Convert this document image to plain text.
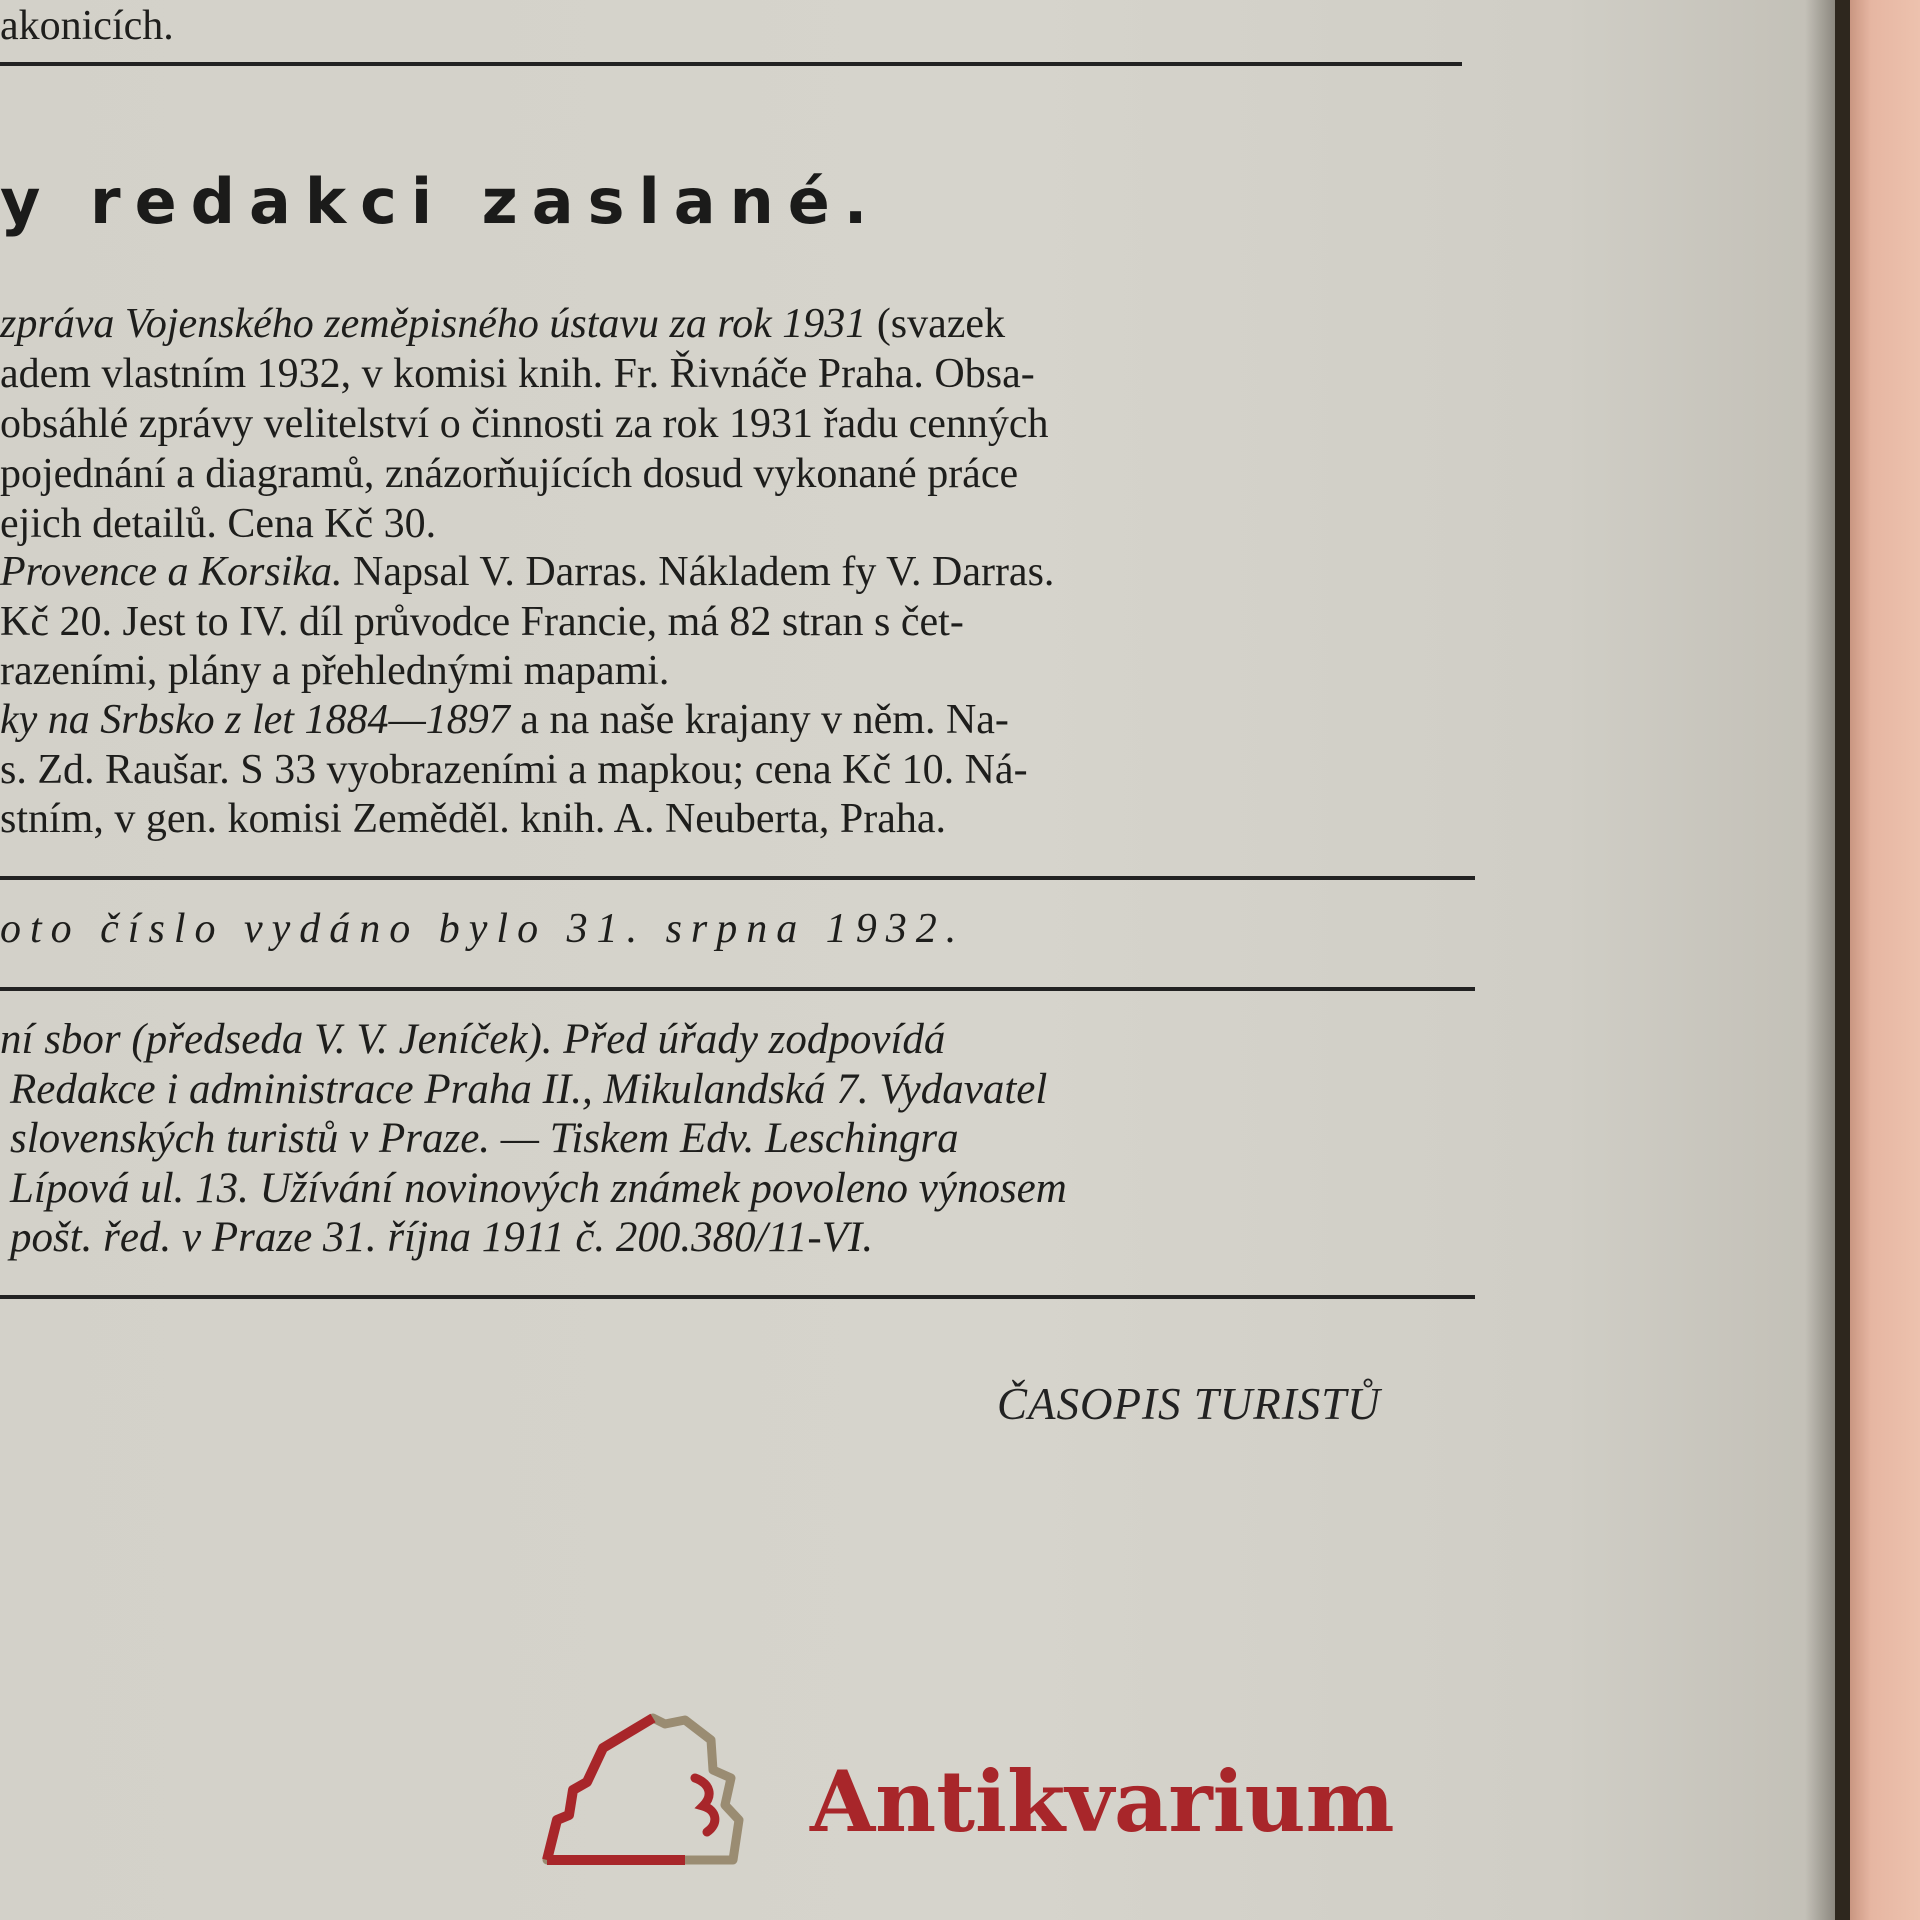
akonicích.
y redakci zaslané.
zpráva Vojenského zeměpisného ústavu za rok 1931 (svazek
adem vlastním 1932, v komisi knih. Fr. Řivnáče Praha. Obsa-
obsáhlé zprávy velitelství o činnosti za rok 1931 řadu cenných
pojednání a diagramů, znázorňujících dosud vykonané práce
ejich detailů. Cena Kč 30.
Provence a Korsika. Napsal V. Darras. Nákladem fy V. Darras.
Kč 20. Jest to IV. díl průvodce Francie, má 82 stran s čet-
razeními, plány a přehlednými mapami.
ky na Srbsko z let 1884—1897 a na naše krajany v něm. Na-
s. Zd. Raušar. S 33 vyobrazeními a mapkou; cena Kč 10. Ná-
stním, v gen. komisi Zeměděl. knih. A. Neuberta, Praha.
oto číslo vydáno bylo 31. srpna 1932.
ní sbor (předseda V. V. Jeníček). Před úřady zodpovídá
Redakce i administrace Praha II., Mikulandská 7. Vydavatel
slovenských turistů v Praze. — Tiskem Edv. Leschingra
Lípová ul. 13. Užívání novinových známek povoleno výnosem
pošt. řed. v Praze 31. října 1911 č. 200.380/11-VI.
ČASOPIS TURISTŮ
Antikvarium
